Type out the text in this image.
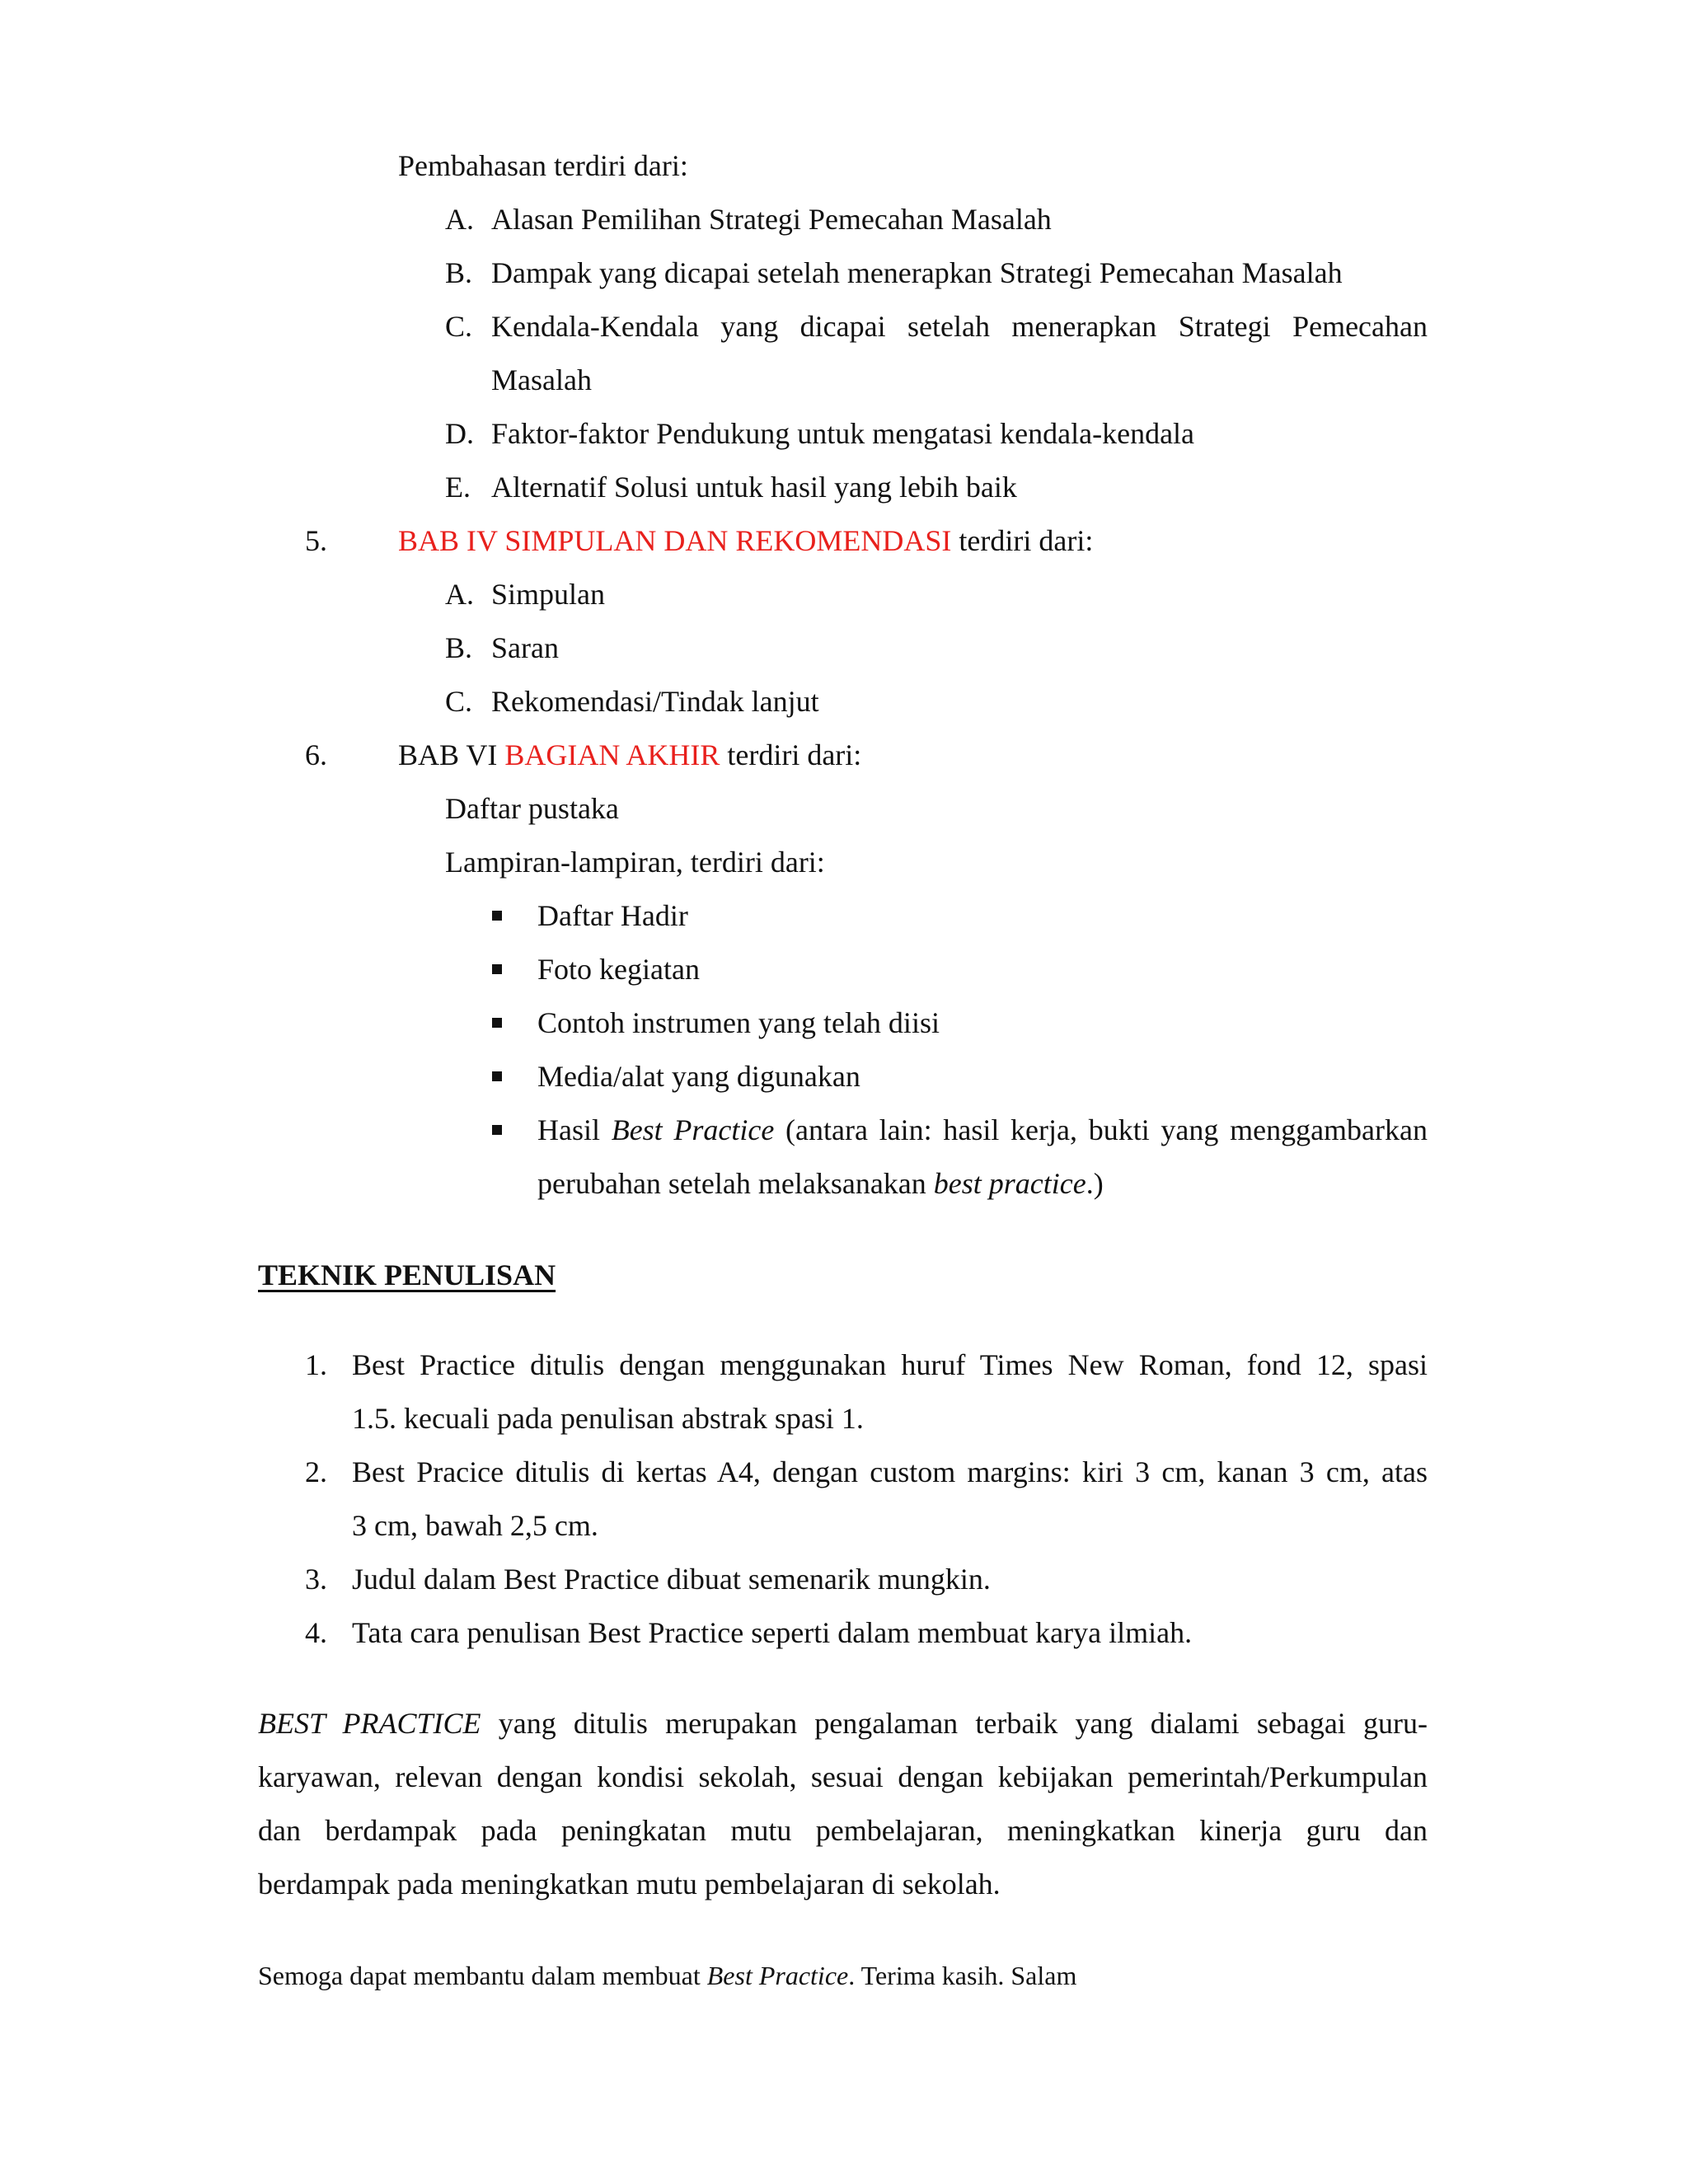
Pembahasan terdiri dari:
A. Alasan Pemilihan Strategi Pemecahan Masalah
B. Dampak yang dicapai setelah menerapkan Strategi Pemecahan Masalah
C. Kendala-Kendala yang dicapai setelah menerapkan Strategi Pemecahan
Masalah
D. Faktor-faktor Pendukung untuk mengatasi kendala-kendala
E. Alternatif Solusi untuk hasil yang lebih baik
5. BAB IV SIMPULAN DAN REKOMENDASI terdiri dari:
A. Simpulan
B. Saran
C. Rekomendasi/Tindak lanjut
6. BAB VI BAGIAN AKHIR terdiri dari:
Daftar pustaka
Lampiran-lampiran, terdiri dari:
Daftar Hadir
Foto kegiatan
Contoh instrumen yang telah diisi
Media/alat yang digunakan
Hasil Best Practice (antara lain: hasil kerja, bukti yang menggambarkan
perubahan setelah melaksanakan best practice.)
TEKNIK PENULISAN
1. Best Practice ditulis dengan menggunakan huruf Times New Roman, fond 12, spasi
1.5. kecuali pada penulisan abstrak spasi 1.
2. Best Pracice ditulis di kertas A4, dengan custom margins: kiri 3 cm, kanan 3 cm, atas
3 cm, bawah 2,5 cm.
3. Judul dalam Best Practice dibuat semenarik mungkin.
4. Tata cara penulisan Best Practice seperti dalam membuat karya ilmiah.
BEST PRACTICE yang ditulis merupakan pengalaman terbaik yang dialami sebagai guru-
karyawan, relevan dengan kondisi sekolah, sesuai dengan kebijakan pemerintah/Perkumpulan
dan berdampak pada peningkatan mutu pembelajaran, meningkatkan kinerja guru dan
berdampak pada meningkatkan mutu pembelajaran di sekolah.
Semoga dapat membantu dalam membuat Best Practice. Terima kasih. Salam
